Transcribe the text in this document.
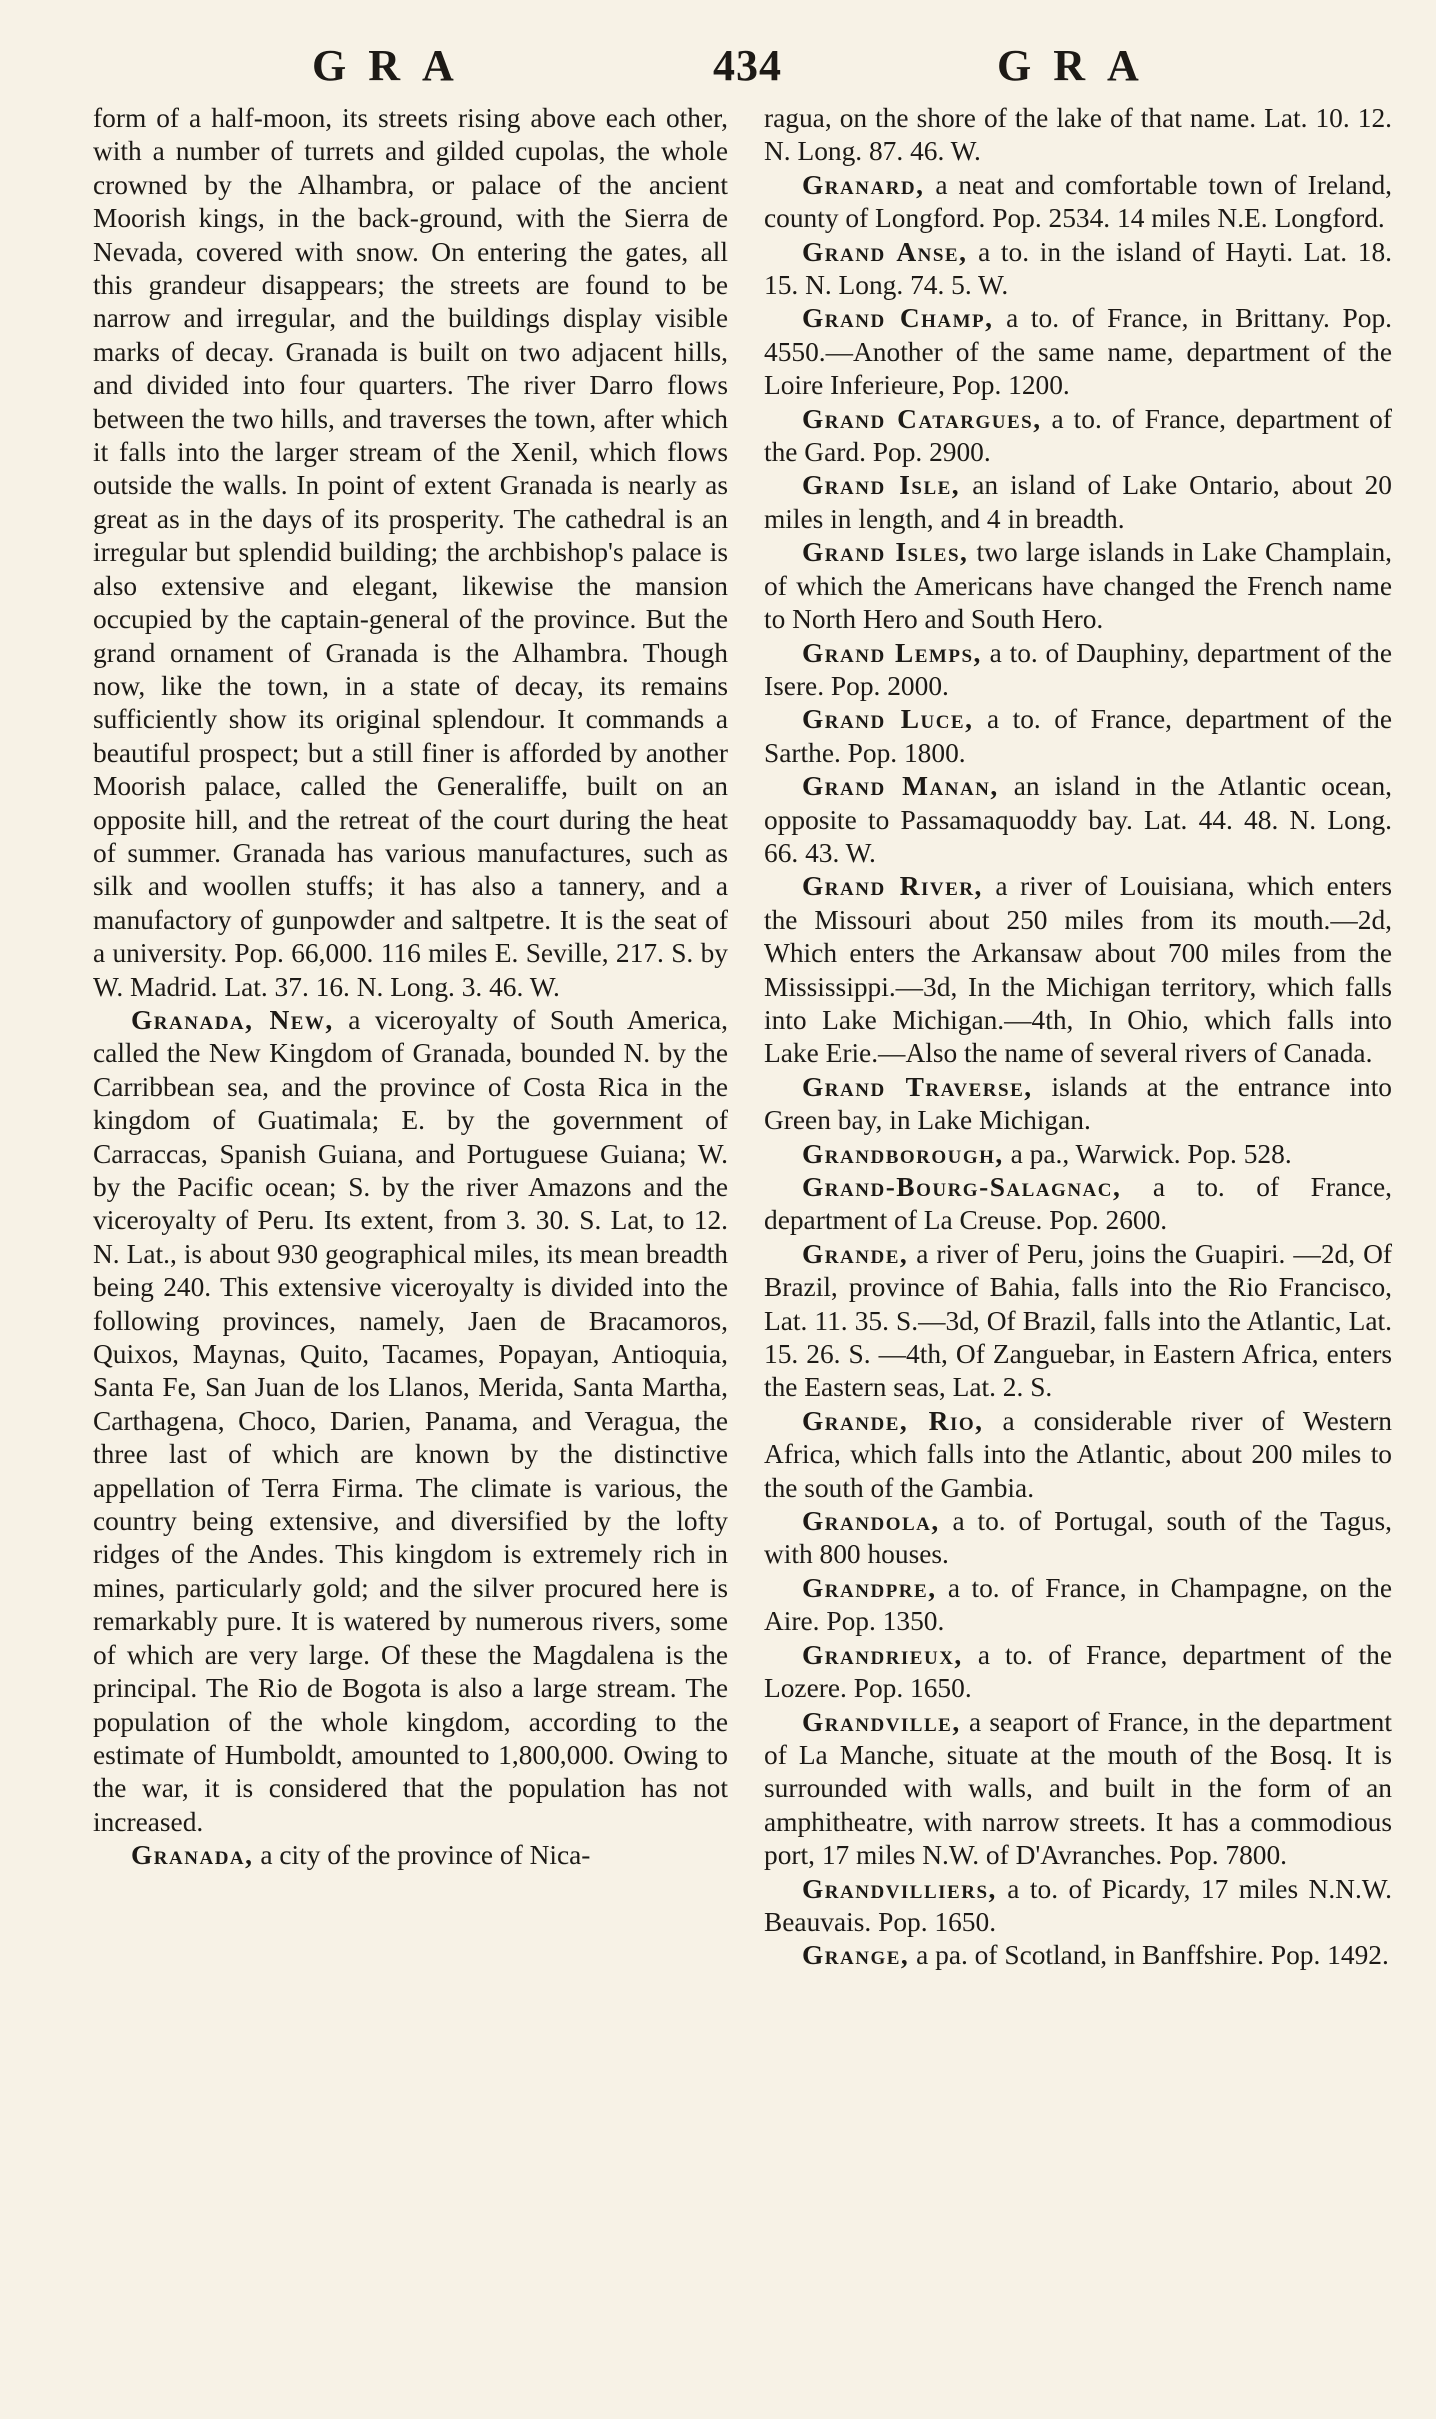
GRA	434	GRA

form of a half-moon, its streets rising above each other, with a number of turrets and gilded cupolas, the whole crowned by the Alhambra, or palace of the ancient Moorish kings, in the back-ground, with the Sierra de Nevada, covered with snow. On entering the gates, all this grandeur disappears; the streets are found to be narrow and irregular, and the buildings display visible marks of decay. Granada is built on two adjacent hills, and divided into four quarters. The river Darro flows between the two hills, and traverses the town, after which it falls into the larger stream of the Xenil, which flows outside the walls. In point of extent Granada is nearly as great as in the days of its prosperity. The cathedral is an irregular but splendid building; the archbishop's palace is also extensive and elegant, likewise the mansion occupied by the captain-general of the province. But the grand ornament of Granada is the Alhambra. Though now, like the town, in a state of decay, its remains sufficiently show its original splendour. It commands a beautiful prospect; but a still finer is afforded by another Moorish palace, called the Generaliffe, built on an opposite hill, and the retreat of the court during the heat of summer. Granada has various manufactures, such as silk and woollen stuffs; it has also a tannery, and a manufactory of gunpowder and saltpetre. It is the seat of a university. Pop. 66,000. 116 miles E. Seville, 217. S. by W. Madrid. Lat. 37. 16. N. Long. 3. 46. W.

Granada, New, a viceroyalty of South America, called the New Kingdom of Granada, bounded N. by the Carribbean sea, and the province of Costa Rica in the kingdom of Guatimala; E. by the government of Carraccas, Spanish Guiana, and Portuguese Guiana; W. by the Pacific ocean; S. by the river Amazons and the viceroyalty of Peru. Its extent, from 3. 30. S. Lat, to 12. N. Lat., is about 930 geographical miles, its mean breadth being 240. This extensive viceroyalty is divided into the following provinces, namely, Jaen de Bracamoros, Quixos, Maynas, Quito, Tacames, Popayan, Antioquia, Santa Fe, San Juan de los Llanos, Merida, Santa Martha, Carthagena, Choco, Darien, Panama, and Veragua, the three last of which are known by the distinctive appellation of Terra Firma. The climate is various, the country being extensive, and diversified by the lofty ridges of the Andes. This kingdom is extremely rich in mines, particularly gold; and the silver procured here is remarkably pure. It is watered by numerous rivers, some of which are very large. Of these the Magdalena is the principal. The Rio de Bogota is also a large stream. The population of the whole kingdom, according to the estimate of Humboldt, amounted to 1,800,000. Owing to the war, it is considered that the population has not increased.

Granada, a city of the province of Nica-

ragua, on the shore of the lake of that name. Lat. 10. 12. N. Long. 87. 46. W.

Granard, a neat and comfortable town of Ireland, county of Longford. Pop. 2534. 14 miles N.E. Longford.

Grand Anse, a to. in the island of Hayti. Lat. 18. 15. N. Long. 74. 5. W.

Grand Champ, a to. of France, in Brittany. Pop. 4550.—Another of the same name, department of the Loire Inferieure, Pop. 1200.

Grand Catargues, a to. of France, department of the Gard. Pop. 2900.

Grand Isle, an island of Lake Ontario, about 20 miles in length, and 4 in breadth.

Grand Isles, two large islands in Lake Champlain, of which the Americans have changed the French name to North Hero and South Hero.

Grand Lemps, a to. of Dauphiny, department of the Isere. Pop. 2000.

Grand Luce, a to. of France, department of the Sarthe. Pop. 1800.

Grand Manan, an island in the Atlantic ocean, opposite to Passamaquoddy bay. Lat. 44. 48. N. Long. 66. 43. W.

Grand River, a river of Louisiana, which enters the Missouri about 250 miles from its mouth.—2d, Which enters the Arkansaw about 700 miles from the Mississippi.—3d, In the Michigan territory, which falls into Lake Michigan.—4th, In Ohio, which falls into Lake Erie.—Also the name of several rivers of Canada.

Grand Traverse, islands at the entrance into Green bay, in Lake Michigan.

Grandborough, a pa., Warwick. Pop. 528.

Grand-Bourg-Salagnac, a to. of France, department of La Creuse. Pop. 2600.

Grande, a river of Peru, joins the Guapiri. —2d, Of Brazil, province of Bahia, falls into the Rio Francisco, Lat. 11. 35. S.—3d, Of Brazil, falls into the Atlantic, Lat. 15. 26. S. —4th, Of Zanguebar, in Eastern Africa, enters the Eastern seas, Lat. 2. S.

Grande, Rio, a considerable river of Western Africa, which falls into the Atlantic, about 200 miles to the south of the Gambia.

Grandola, a to. of Portugal, south of the Tagus, with 800 houses.

Grandpre, a to. of France, in Champagne, on the Aire. Pop. 1350.

Grandrieux, a to. of France, department of the Lozere. Pop. 1650.

Grandville, a seaport of France, in the department of La Manche, situate at the mouth of the Bosq. It is surrounded with walls, and built in the form of an amphitheatre, with narrow streets. It has a commodious port, 17 miles N.W. of D'Avranches. Pop. 7800.

Grandvilliers, a to. of Picardy, 17 miles N.N.W. Beauvais. Pop. 1650.

Grange, a pa. of Scotland, in Banffshire. Pop. 1492.
